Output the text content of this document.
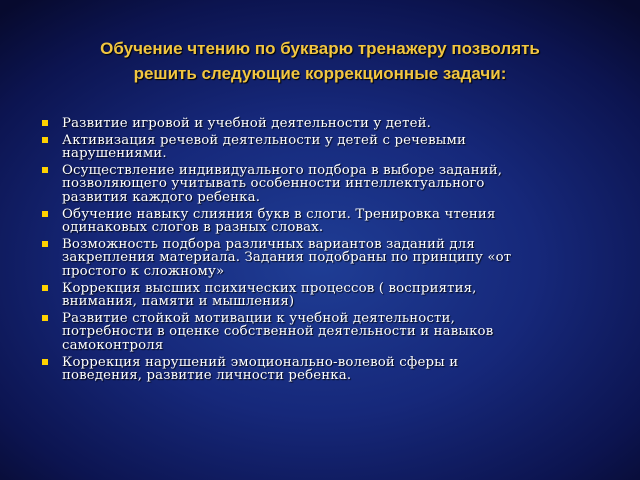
Обучение чтению по букварю тренажеру позволять
решить следующие коррекционные задачи:
Развитие игровой и учебной деятельности у детей.
Активизация речевой деятельности у детей с речевыми
нарушениями.
Осуществление индивидуального подбора в выборе заданий,
позволяющего учитывать особенности интеллектуального
развития каждого ребенка.
Обучение навыку слияния букв в слоги. Тренировка чтения
одинаковых слогов в разных словах.
Возможность подбора различных вариантов заданий для
закрепления материала. Задания подобраны по принципу «от
простого к сложному»
Коррекция высших психических процессов ( восприятия,
внимания, памяти и мышления)
Развитие стойкой мотивации к учебной деятельности,
потребности в оценке собственной деятельности и навыков
самоконтроля
Коррекция нарушений эмоционально-волевой сферы и
поведения, развитие личности ребенка.
